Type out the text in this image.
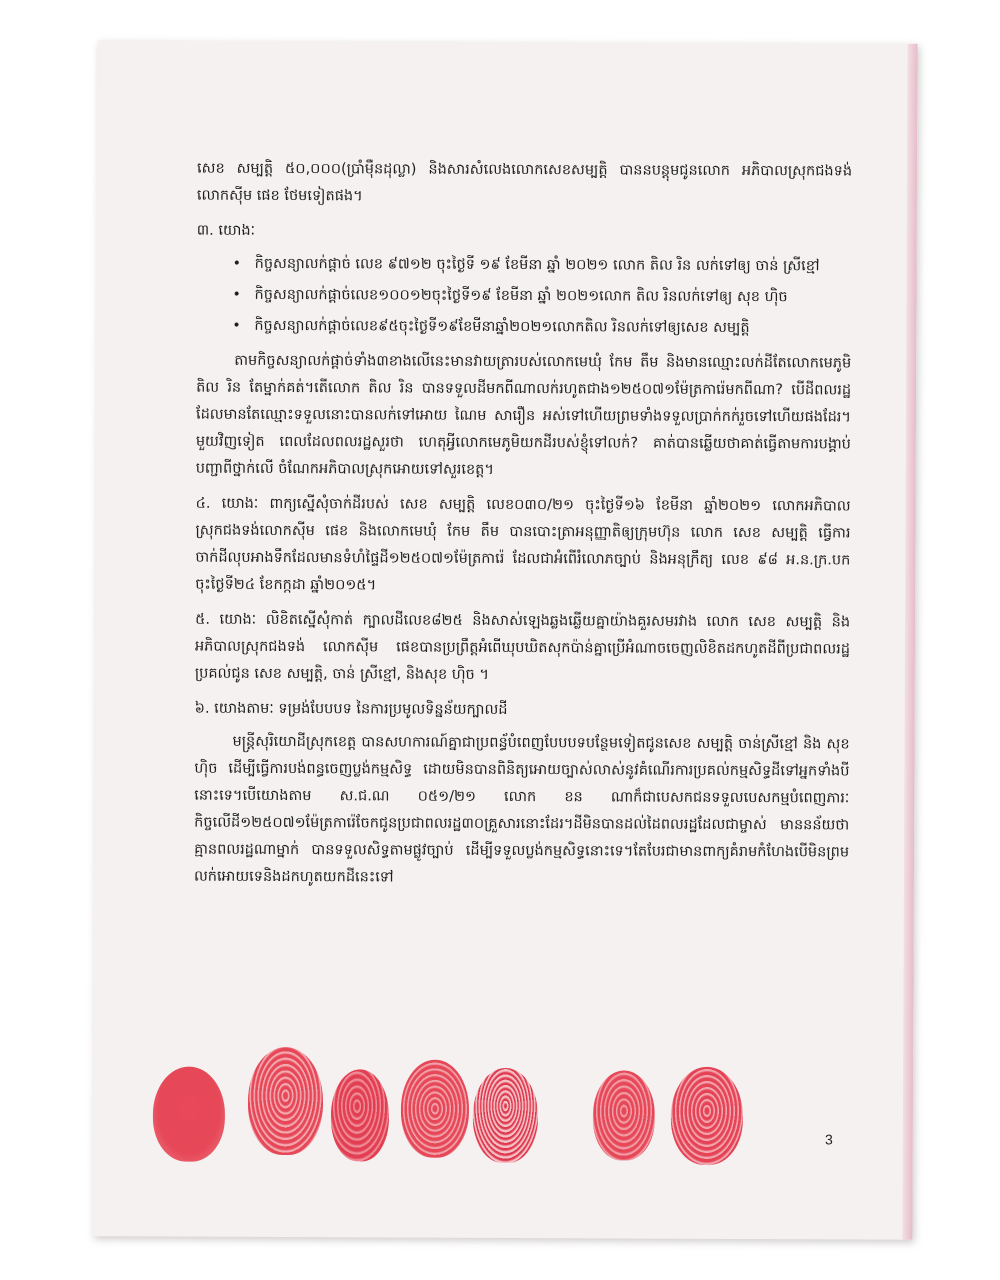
សេខ សម្បត្តិ ៥០,០០០(ប្រាំម៉ឺនដុល្លា) និងសារសំលេងលោកសេខសម្បត្តិ បាននបន្តុមជូនលោក អភិបាលស្រុកជងទង់ លោកស៊ីម ផេខ ថែមទៀតផង។

៣. យោងៈ
• កិច្ចសន្យាលក់ផ្តាច់ លេខ ៩៧១២ ចុះថ្ងៃទី ១៩ ខែមីនា ឆ្នាំ ២០២១ លោក តិល រិន លក់ទៅឲ្យ ចាន់ ស្រីខ្មៅ
• កិច្ចសន្យាលក់ផ្តាច់លេខ១០០១២ចុះថ្ងៃទី១៩ ខែមីនា ឆ្នាំ ២០២១លោក តិល រិនលក់ទៅឲ្យ សុខ ហ៊ិច
• កិច្ចសន្យាលក់ផ្តាច់លេខ៩៥ចុះថ្ងៃទី១៩ខែមីនាឆ្នាំ២០២១លោកតិល រិនលក់ទៅឲ្យសេខ សម្បត្តិ

តាមកិច្ចសន្យាលក់ផ្តាច់ទាំង៣ខាងលើនេះមានវាយត្រារបស់លោកមេឃុំ កែម តឹម និងមានឈ្មោះលក់ដីតែលោកមេភូមិ តិល រិន តែម្នាក់គត់។តើលោក តិល រិន បានទទួលដីមកពីណាលក់រហូតជាង១២៥០៧១ម៉ែត្រការ៉េមកពីណា? បើដីពលរដ្ឋដែលមានតែឈ្មោះទទួលនោះបានលក់ទៅអោយ ណៃម សារឿន អស់ទៅហើយព្រមទាំងទទួលប្រាក់កក់រួចទៅហើយផងដែរ។ មួយវិញទៀត ពេលដែលពលរដ្ឋសួរថា ហេតុអ្វីលោកមេភូមិយកដីរបស់ខ្ញុំទៅលក់? គាត់បានឆ្លើយថាគាត់ធ្វើតាមការបង្គាប់បញ្ជាពីថ្នាក់លើ ចំណែកអភិបាលស្រុកអោយទៅសួរខេត្ត។

៤. យោងៈ ពាក្យស្នើសុំចាក់ដីរបស់ សេខ សម្បត្តិ លេខ០៣០/២១ ចុះថ្ងៃទី១៦ ខែមីនា ឆ្នាំ២០២១ លោកអភិបាលស្រុកជងទង់លោកស៊ីម ផេខ និងលោកមេឃុំ កែម តឹម បានបោះត្រាអនុញ្ញាតិឲ្យក្រុមហ៊ុន លោក សេខ សម្បត្តិ ធ្វើការចាក់ដីលុបអាងទឹកដែលមានទំហំផ្ទៃដី១២៥០៧១ម៉ែត្រការ៉េ ដែលជាអំពើរំលោភច្បាប់ និងអនុក្រឹត្យ លេខ ៩៨ អ.ន.ក្រ.បក ចុះថ្ងៃទី២៤ ខែកក្កដា ឆ្នាំ២០១៥។

៥. យោងៈ លិខិតស្នើសុំកាត់ ក្បាលដីលេខ៨២៥ និងសាស់ឡេងឆ្លងឆ្លើយគ្នាយ៉ាងគួរសមរវាង លោក សេខ សម្បត្តិ និងអភិបាលស្រុកជងទង់ លោកស៊ីម ផេខបានប្រព្រឹត្តអំពើឃុបឃិតសុកប៉ាន់គ្នាប្រើអំណាចចេញលិខិតដកហូតដីពីប្រជាពលរដ្ឋប្រគល់ជូន សេខ សម្បត្តិ, ចាន់ ស្រីខ្មៅ, និងសុខ ហ៊ិច ។

៦. យោងតាមៈ ទម្រង់បែបបទ នៃការប្រមូលទិន្នន័យក្បាលដី

មន្ត្រីសុរិយោដីស្រុកខេត្ត បានសហការណ៍គ្នាជាប្រពន្ធ័បំពេញបែបបទបន្ថែមទៀតជូនសេខ សម្បត្តិ ចាន់ស្រីខ្មៅ និង សុខ ហ៊ិច ដើម្បីធ្វើការបង់ពន្ធចេញប្លង់កម្មសិទ្ធ ដោយមិនបានពិនិត្យអោយច្បាស់លាស់នូវគំណើរការប្រគល់កម្មសិទ្ធដីទៅអ្នកទាំងបីនោះទេ។បើយោងតាម ស.ជ.ណ ០៥១/២១ លោក ខន ណាក៏ជាបេសកជនទទួលបេសកម្មបំពេញភារៈកិច្ចលើដី១២៥០៧១ម៉ែត្រការ៉េចែកជូនប្រជាពលរដ្ឋ៣០គ្រួសារនោះដែរ។ដីមិនបានដល់ដៃពលរដ្ឋដែលជាម្ចាស់ មាននន័យថាគ្មានពលរដ្ឋណាម្នាក់ បានទទួលសិទ្ធតាមផ្លូវច្បាប់ ដើម្បីទទួលប្លង់កម្មសិទ្ធនោះទេ។តែបែរជាមានពាក្យគំរាមកំហែងបើមិនព្រមលក់អោយទេនិងដកហូតយកដីនេះទៅ

3
